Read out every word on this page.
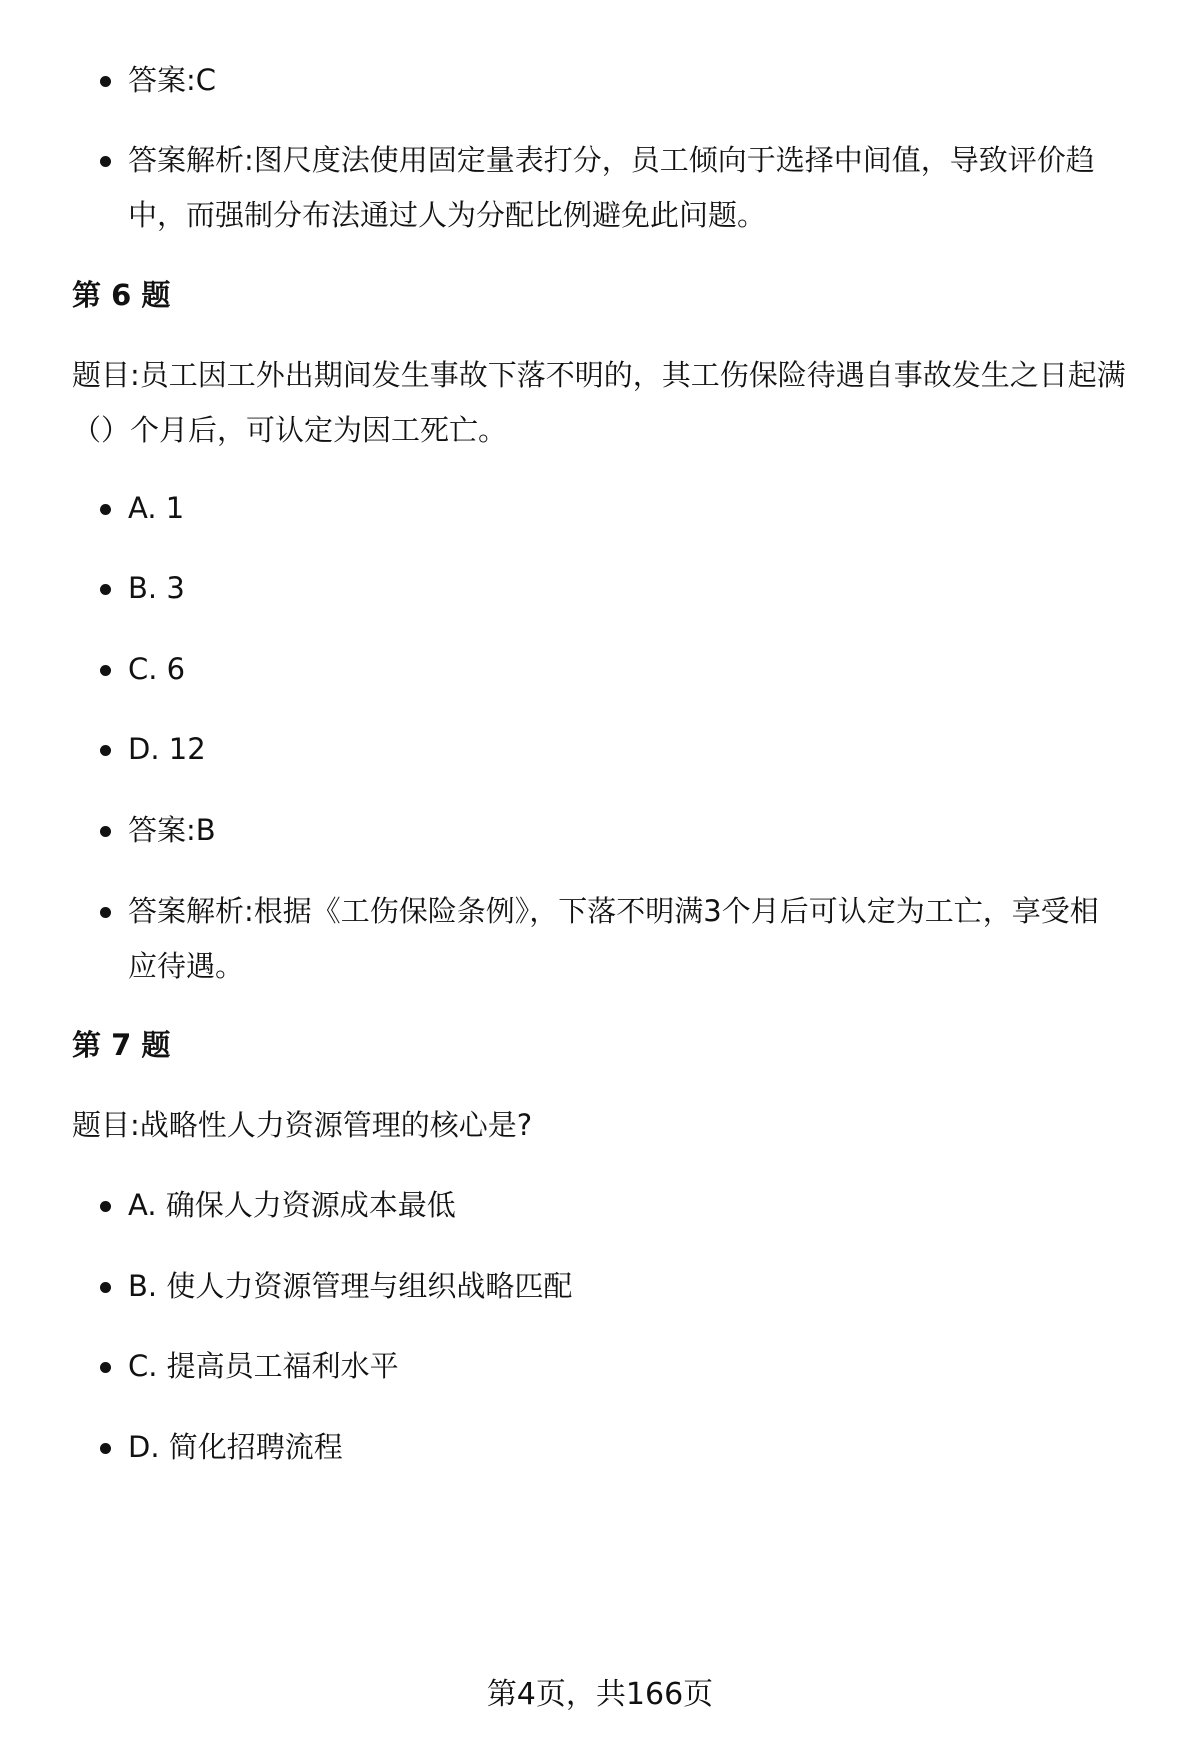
答案:C
答案解析:图尺度法使用固定量表打分，员工倾向于选择中间值，导致评价趋
中，而强制分布法通过人为分配比例避免此问题。
第 6 题
题目:员工因工外出期间发生事故下落不明的，其工伤保险待遇自事故发生之日起满
（）个月后，可认定为因工死亡。
A. 1
B. 3
C. 6
D. 12
答案:B
答案解析:根据《工伤保险条例》，下落不明满3个月后可认定为工亡，享受相
应待遇。
第 7 题
题目:战略性人力资源管理的核心是?
A. 确保人力资源成本最低
B. 使人力资源管理与组织战略匹配
C. 提高员工福利水平
D. 简化招聘流程
第4页，共166页
